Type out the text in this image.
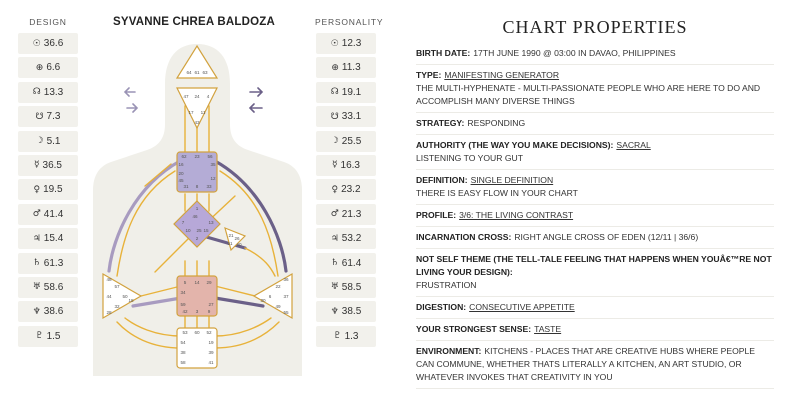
DESIGN
☉ 36.6
⊕ 6.6
☊ 13.3
☋ 7.3
☽ 5.1
☿ 36.5
♀ 19.5
♂ 41.4
♃ 15.4
♄ 61.3
♅ 58.6
♆ 38.6
♇ 1.5
SYVANNE CHREA BALDOZA
64 61 63
47 24 4
17 11
43
62 23 56
16	35
20
31 8 33
12
45
1
7	13
10	15
2
46
25
21
26
51 40
48
57
44 50
32
28
18
36
22
37
6
49
55
30
5 14 29
34
59	27
42 3 9
53 60 52
54	19
38	39
58	41
PERSONALITY
☉ 12.3
⊕ 11.3
☊ 19.1
☋ 33.1
☽ 25.5
☿ 16.3
♀ 23.2
♂ 21.3
♃ 53.2
♄ 61.4
♅ 58.5
♆ 38.5
♇ 1.3
CHART PROPERTIES
BIRTH DATE: 17TH JUNE 1990 @ 03:00 IN DAVAO, PHILIPPINES
TYPE: MANIFESTING GENERATOR
THE MULTI-HYPHENATE - MULTI-PASSIONATE PEOPLE WHO ARE HERE TO DO AND ACCOMPLISH MANY DIVERSE THINGS
STRATEGY: RESPONDING
AUTHORITY (THE WAY YOU MAKE DECISIONS): SACRAL
LISTENING TO YOUR GUT
DEFINITION: SINGLE DEFINITION
THERE IS EASY FLOW IN YOUR CHART
PROFILE: 3/6: THE LIVING CONTRAST
INCARNATION CROSS: RIGHT ANGLE CROSS OF EDEN (12/11 | 36/6)
NOT SELF THEME (THE TELL-TALE FEELING THAT HAPPENS WHEN YOUÂ€™RE NOT LIVING YOUR DESIGN):
FRUSTRATION
DIGESTION: CONSECUTIVE APPETITE
YOUR STRONGEST SENSE: TASTE
ENVIRONMENT: KITCHENS - PLACES THAT ARE CREATIVE HUBS WHERE PEOPLE CAN COMMUNE, WHETHER THATS LITERALLY A KITCHEN, AN ART STUDIO, OR WHATEVER INVOKES THAT CREATIVITY IN YOU
